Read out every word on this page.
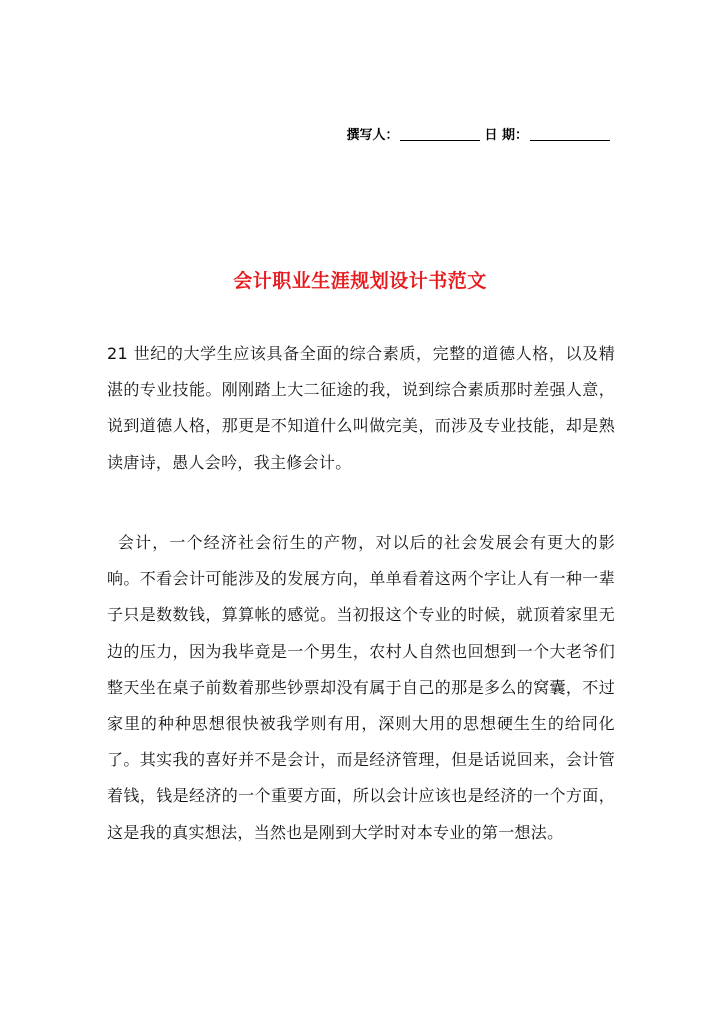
撰写人：	日 期：
会计职业生涯规划设计书范文
21 世纪的大学生应该具备全面的综合素质，完整的道德人格，以及精湛的专业技能。刚刚踏上大二征途的我，说到综合素质那时差强人意，说到道德人格，那更是不知道什么叫做完美，而涉及专业技能，却是熟读唐诗，愚人会吟，我主修会计。
会计，一个经济社会衍生的产物，对以后的社会发展会有更大的影响。不看会计可能涉及的发展方向，单单看着这两个字让人有一种一辈子只是数数钱，算算帐的感觉。当初报这个专业的时候，就顶着家里无边的压力，因为我毕竟是一个男生，农村人自然也回想到一个大老爷们整天坐在桌子前数着那些钞票却没有属于自己的那是多么的窝囊，不过家里的种种思想很快被我学则有用，深则大用的思想硬生生的给同化了。其实我的喜好并不是会计，而是经济管理，但是话说回来，会计管着钱，钱是经济的一个重要方面，所以会计应该也是经济的一个方面，这是我的真实想法，当然也是刚到大学时对本专业的第一想法。
